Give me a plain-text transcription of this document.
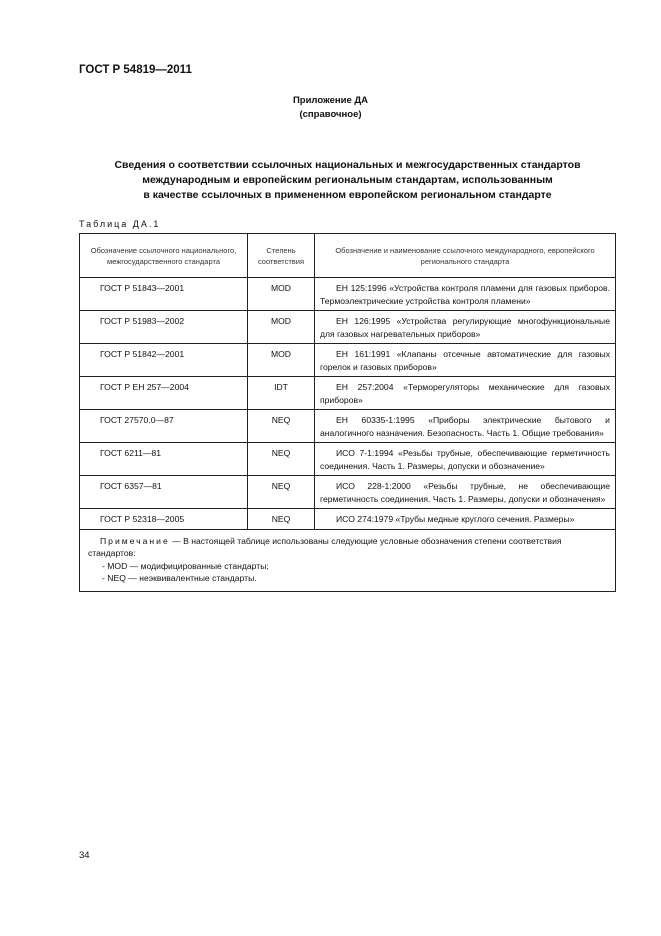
ГОСТ Р 54819—2011
Приложение ДА
(справочное)
Сведения о соответствии ссылочных национальных и межгосударственных стандартов
международным и европейским региональным стандартам, использованным
в качестве ссылочных в примененном европейском региональном стандарте
Таблица ДА.1
Обозначение ссылочного национального, межгосударственного стандарта	Степень соответствия	Обозначение и наименование ссылочного международного, европейского регионального стандарта
ГОСТ Р 51843—2001	MOD	ЕН 125:1996 «Устройства контроля пламени для газовых приборов. Термоэлектрические устройства контроля пламени»
ГОСТ Р 51983—2002	MOD	ЕН 126:1995 «Устройства регулирующие многофункциональные для газовых нагревательных приборов»
ГОСТ Р 51842—2001	MOD	ЕН 161:1991 «Клапаны отсечные автоматические для газовых горелок и газовых приборов»
ГОСТ Р ЕН 257—2004	IDT	ЕН 257:2004 «Терморегуляторы механические для газовых приборов»
ГОСТ 27570.0—87	NEQ	ЕН 60335-1:1995 «Приборы электрические бытового и аналогичного назначения. Безопасность. Часть 1. Общие требования»
ГОСТ 6211—81	NEQ	ИСО 7-1:1994 «Резьбы трубные, обеспечивающие герметичность соединения. Часть 1. Размеры, допуски и обозначение»
ГОСТ 6357—81	NEQ	ИСО 228-1:2000 «Резьбы трубные, не обеспечивающие герметичность соединения. Часть 1. Размеры, допуски и обозначения»
ГОСТ Р 52318—2005	NEQ	ИСО 274:1979 «Трубы медные круглого сечения. Размеры»

Примечание — В настоящей таблице использованы следующие условные обозначения степени соответствия стандартов:
- MOD — модифицированные стандарты;
- NEQ — неэквивалентные стандарты.		
34
